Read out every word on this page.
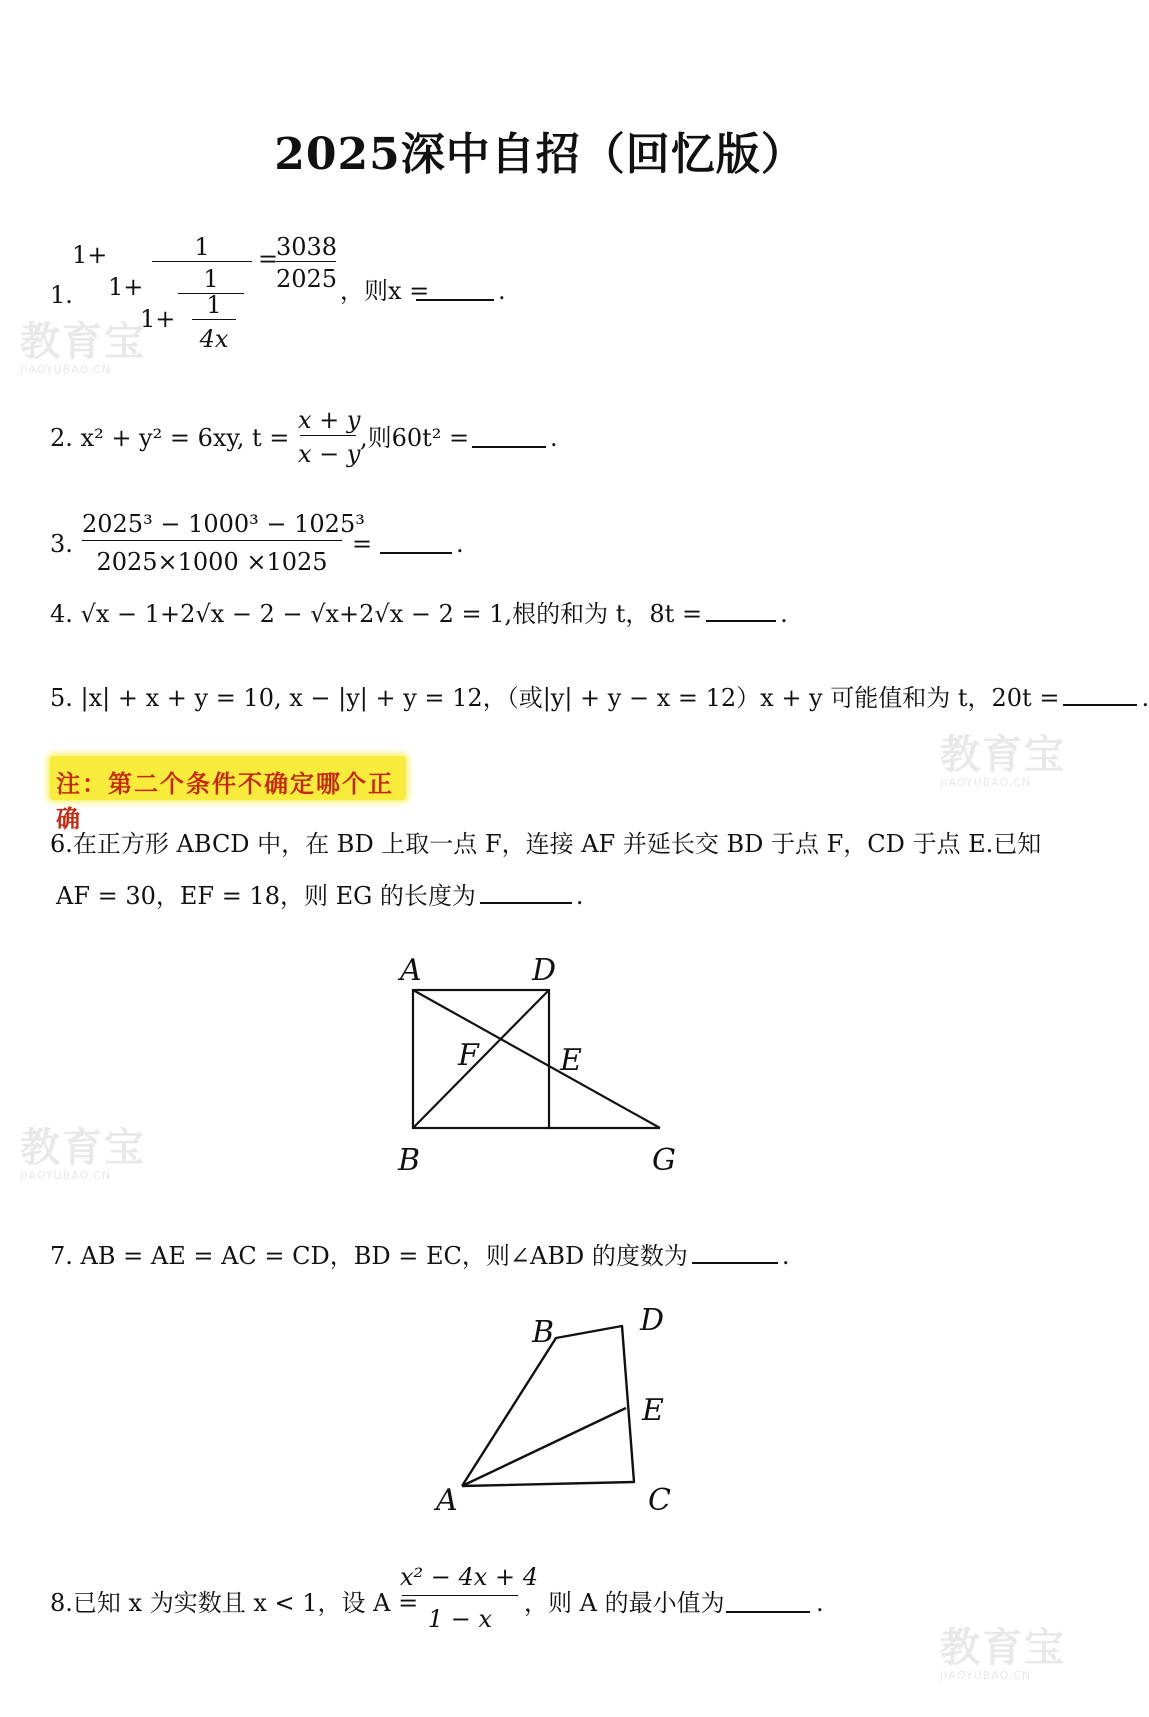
2025深中自招（回忆版）
教育宝
JIAOYUBAO.CN
教育宝
JIAOYUBAO.CN
教育宝
JIAOYUBAO.CN
教育宝
JIAOYUBAO.CN
1.
1+	1
1+	1
1+	1
4x
=
3038
2025 ，则x =	.
2. x² + y² = 6xy, t =
x + y
x − y
,则60t² =	.
3.
2025³ − 1000³ − 1025³
2025×1000 ×1025
=	.
4. √x − 1+2√x − 2 − √x+2√x − 2 = 1,根的和为 t，8t =	.
5. |x| + x + y = 10, x − |y| + y = 12，（或|y| + y − x = 12）x + y 可能值和为 t，20t =	.
注：第二个条件不确定哪个正确
6.在正方形 ABCD 中，在 BD 上取一点 F，连接 AF 并延长交 BD 于点 F，CD 于点 E.已知
AF = 30，EF = 18，则 EG 的长度为	.
A	D
F	E
B	G
7. AB = AE = AC = CD，BD = EC，则∠ABD 的度数为	.
B	D
E
A	C
8.已知 x 为实数且 x < 1，设 A =
x² − 4x + 4
1 − x
，则 A 的最小值为	.
